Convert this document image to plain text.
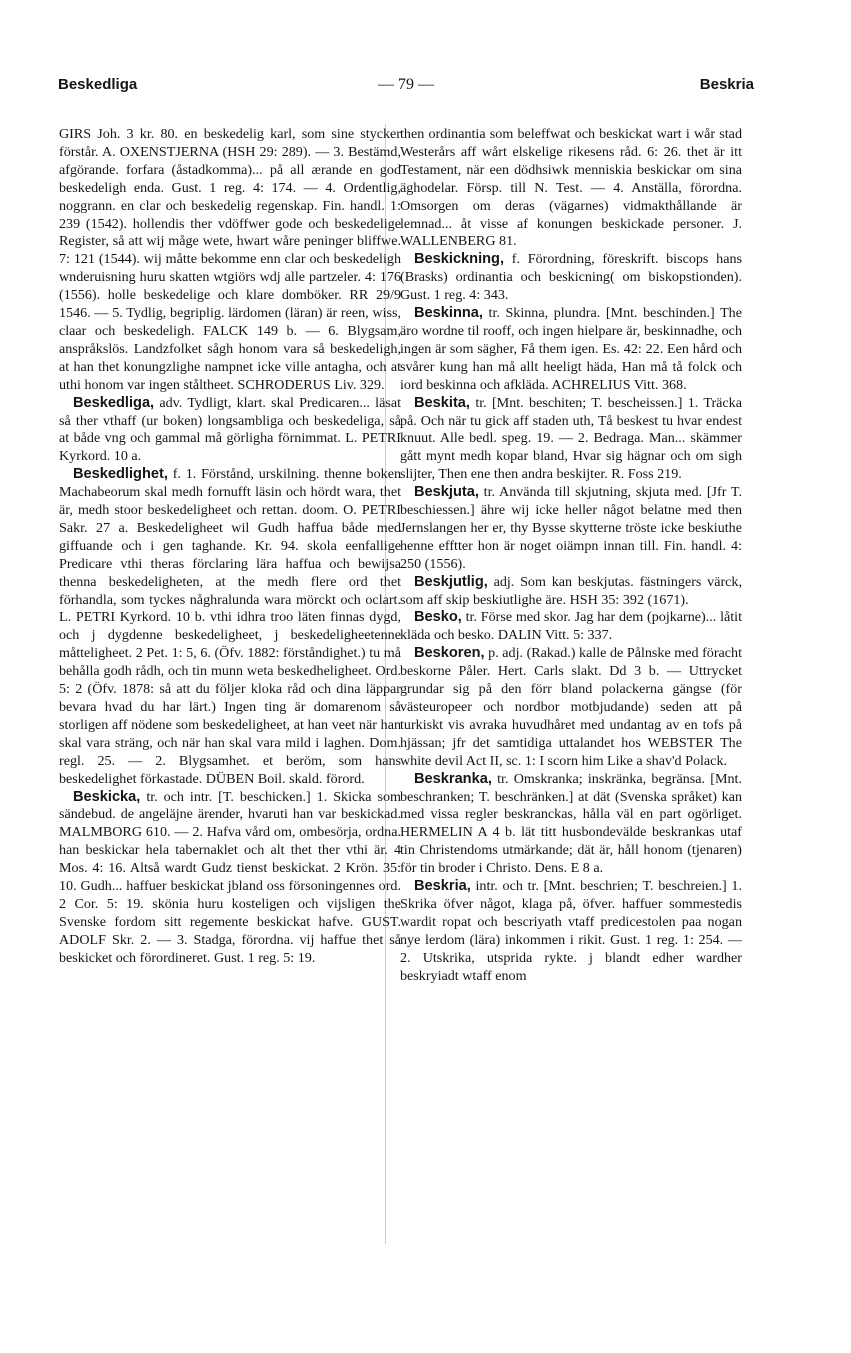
Beskedliga	— 79 —	Beskria

GIRS Joh. 3 kr. 80. en beskedelig karl, som sine stycker förstår. A. OXENSTJERNA (HSH 29: 289). — 3. Bestämd, afgörande. forfara (åstadkomma)... på all ærande en god beskedeligh enda. Gust. 1 reg. 4: 174. — 4. Ordentlig, noggrann. en clar och beskedelig regenskap. Fin. handl. 1: 239 (1542). hollendis ther vdöffwer gode och beskedelige Register, så att wij måge wete, hwart wåre peninger bliffwe. 7: 121 (1544). wij måtte bekomme enn clar och beskedeligh wnderuisning huru skatten wtgiörs wdj alle partzeler. 4: 176 (1556). holle beskedelige och klare domböker. RR 29/9 1546. — 5. Tydlig, begriplig. lärdomen (läran) är reen, wiss, claar och beskedeligh. FALCK 149 b. — 6. Blygsam, anspråkslös. Landzfolket sågh honom vara så beskedeligh, at han thet konungzlighe nampnet icke ville antagha, och at uthi honom var ingen ståltheet. SCHRODERUS Liv. 329.

Beskedliga, adv. Tydligt, klart. skal Predicaren... läsat så ther vthaff (ur boken) longsambliga och beskedeliga, så at både vng och gammal må görligha förnimmat. L. PETRI Kyrkord. 10 a.

Beskedlighet, f. 1. Förstånd, urskilning. thenne boken Machabeorum skal medh fornufft läsin och hördt wara, thet är, medh stoor beskedeligheet och rettan. doom. O. PETRI Sakr. 27 a. Beskedeligheet wil Gudh haffua både med giffuande och i gen taghande. Kr. 94. skola eenfallige Predicare vthi theras förclaring lära haffua och bewijsa thenna beskedeligheten, at the medh flere ord thet förhandla, som tyckes någhralunda wara mörckt och oclart. L. PETRI Kyrkord. 10 b. vthi idhra troo läten finnas dygd, och j dygdenne beskedeligheet, j beskedeligheetenne måtteligheet. 2 Pet. 1: 5, 6. (Öfv. 1882: förståndighet.) tu må behålla godh rådh, och tin munn weta beskedheligheet. Ord. 5: 2 (Öfv. 1878: så att du följer kloka råd och dina läppar bevara hvad du har lärt.) Ingen ting är domarenom så storligen aff nödene som beskedeligheet, at han veet när han skal vara sträng, och när han skal vara mild i laghen. Dom. regl. 25. — 2. Blygsamhet. et beröm, som hans beskedelighet förkastade. DÜBEN Boil. skald. förord.

Beskicka, tr. och intr. [T. beschicken.] 1. Skicka som sändebud. de angeläjne ärender, hvaruti han var beskickad. MALMBORG 610. — 2. Hafva vård om, ombesörja, ordna. han beskickar hela tabernaklet och alt thet ther vthi är. 4 Mos. 4: 16. Altså wardt Gudz tienst beskickat. 2 Krön. 35: 10. Gudh... haffuer beskickat jbland oss försoningennes ord. 2 Cor. 5: 19. skönia huru kosteligen och vijsligen the Svenske fordom sitt regemente beskickat hafve. GUST. ADOLF Skr. 2. — 3. Stadga, förordna. vij haffue thet så beskicket och förordineret. Gust. 1 reg. 5: 19.

then ordinantia som beleffwat och beskickat wart i wår stad Westerårs aff wårt elskelige rikesens råd. 6: 26. thet är itt Testament, när een dödhsiwk menniskia beskickar om sina äghodelar. Försp. till N. Test. — 4. Anställa, förordna. Omsorgen om deras (vägarnes) vidmakthållande är lemnad... åt visse af konungen beskickade personer. J. WALLENBERG 81.

Beskickning, f. Förordning, föreskrift. biscops hans (Brasks) ordinantia och beskicning( om biskopstionden). Gust. 1 reg. 4: 343.

Beskinna, tr. Skinna, plundra. [Mnt. beschinden.] The äro wordne til rooff, och ingen hielpare är, beskinnadhe, och ingen är som sägher, Få them igen. Es. 42: 22. Een hård och svårer kung han må allt heeligt häda, Han må tå folck och iord beskinna och afkläda. ACHRELIUS Vitt. 368.

Beskita, tr. [Mnt. beschiten; T. bescheissen.] 1. Träcka på. Och när tu gick aff staden uth, Tå beskest tu hvar endest knuut. Alle bedl. speg. 19. — 2. Bedraga. Man... skämmer gått mynt medh kopar bland, Hvar sig hägnar och om sigh slijter, Then ene then andra beskijter. R. Foss 219.

Beskjuta, tr. Använda till skjutning, skjuta med. [Jfr T. beschiessen.] ähre wij icke heller något belatne med then Jernslangen her er, thy Bysse skytterne tröste icke beskiuthe henne efftter hon är noget oiämpn innan till. Fin. handl. 4: 250 (1556).

Beskjutlig, adj. Som kan beskjutas. fästningers värck, som aff skip beskiutlighe äre. HSH 35: 392 (1671).

Besko, tr. Förse med skor. Jag har dem (pojkarne)... låtit kläda och besko. DALIN Vitt. 5: 337.

Beskoren, p. adj. (Rakad.) kalle de Pålnske med föracht beskorne Påler. Hert. Carls slakt. Dd 3 b. — Uttrycket grundar sig på den förr bland polackerna gängse (för västeuropeer och nordbor motbjudande) seden att på turkiskt vis avraka huvudhåret med undantag av en tofs på hjässan; jfr det samtidiga uttalandet hos WEBSTER The white devil Act II, sc. 1: I scorn him Like a shav'd Polack.

Beskranka, tr. Omskranka; inskränka, begränsa. [Mnt. beschranken; T. beschränken.] at dät (Svenska språket) kan med vissa regler beskranckas, hålla väl en part ogörliget. HERMELIN A 4 b. lät titt husbondevälde beskrankas utaf tin Christendoms utmärkande; dät är, håll honom (tjenaren) för tin broder i Christo. Dens. E 8 a.

Beskria, intr. och tr. [Mnt. beschrien; T. beschreien.] 1. Skrika öfver något, klaga på, öfver. haffuer sommestedis wardit ropat och bescriyath vtaff predicestolen paa nogan nye lerdom (lära) inkommen i rikit. Gust. 1 reg. 1: 254. — 2. Utskrika, utsprida rykte. j blandt edher wardher beskryiadt wtaff enom
